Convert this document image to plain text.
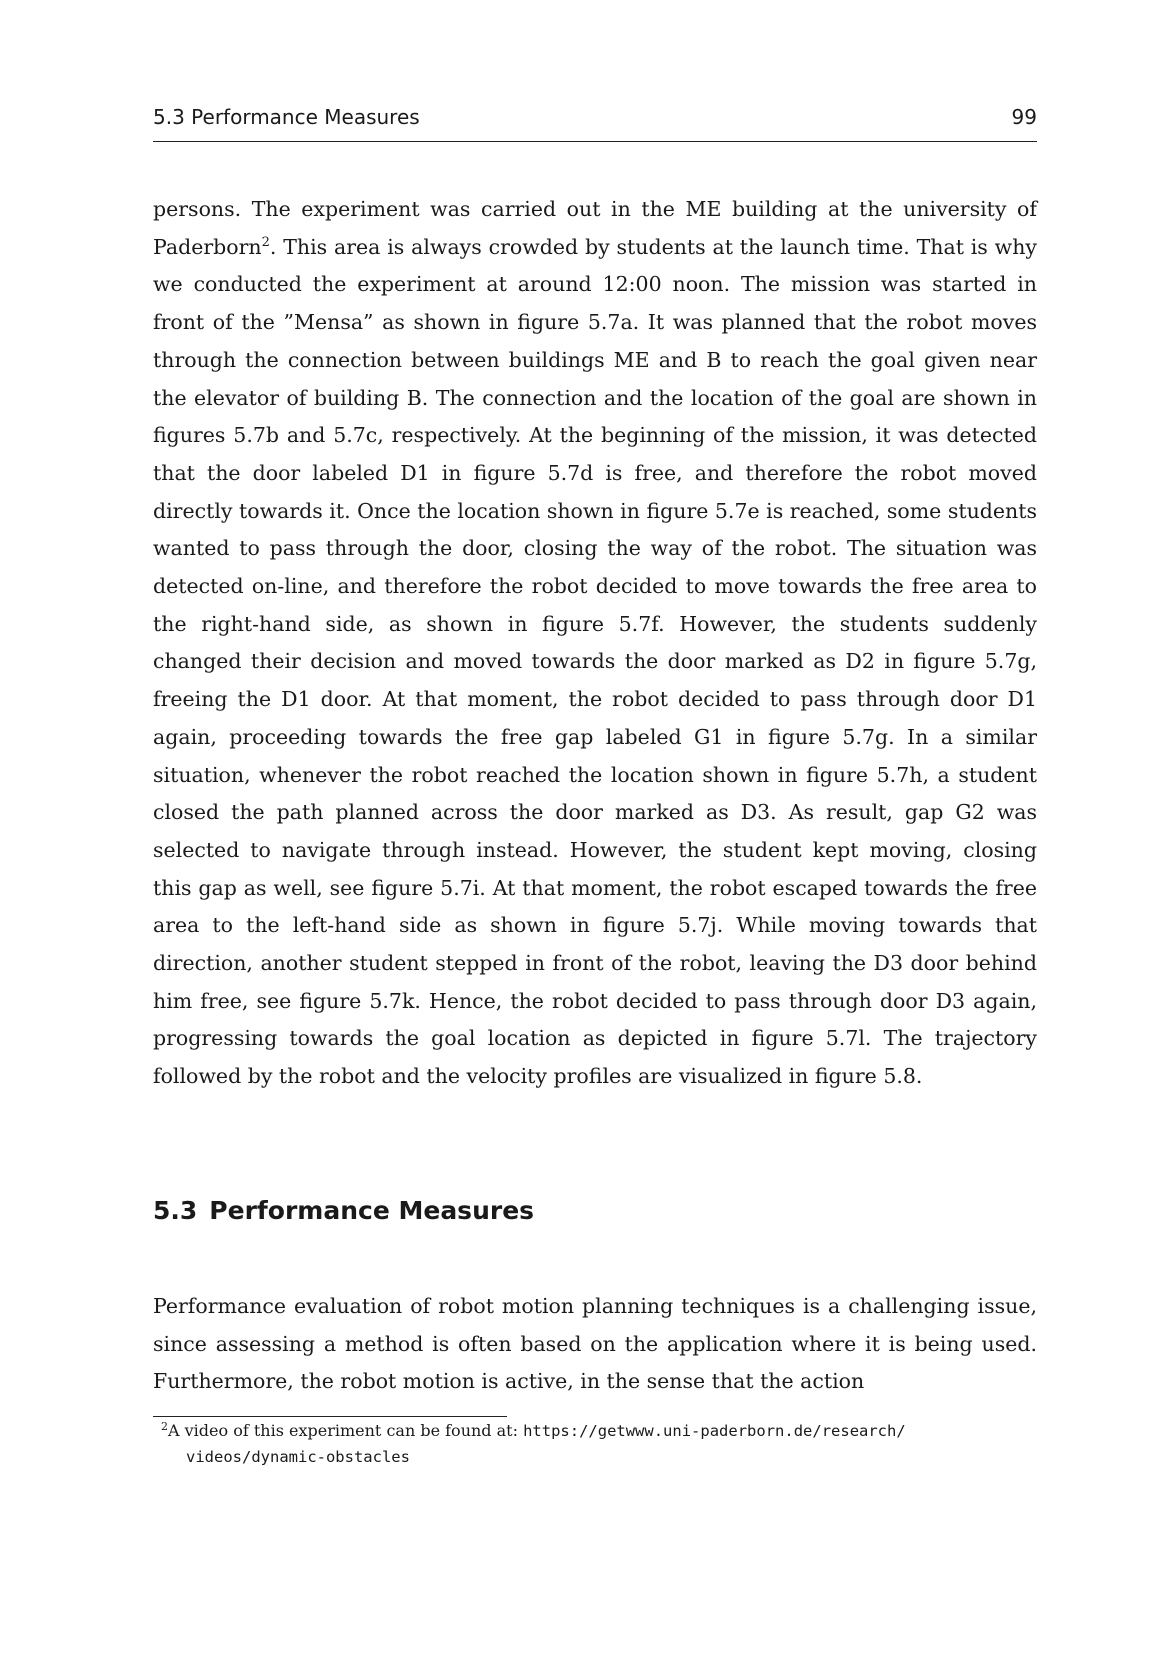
5.3 Performance Measures	99

persons. The experiment was carried out in the ME building at the university of Paderborn$^2$. This area is always crowded by students at the launch time. That is why we conducted the experiment at around 12:00 noon. The mission was started in front of the ”Mensa” as shown in figure 5.7a. It was planned that the robot moves through the connection between buildings ME and B to reach the goal given near the elevator of building B. The connection and the location of the goal are shown in figures 5.7b and 5.7c, respectively. At the beginning of the mission, it was detected that the door labeled D1 in figure 5.7d is free, and therefore the robot moved directly towards it. Once the location shown in figure 5.7e is reached, some students wanted to pass through the door, closing the way of the robot. The situation was detected on-line, and therefore the robot decided to move towards the free area to the right-hand side, as shown in figure 5.7f. However, the students suddenly changed their decision and moved towards the door marked as D2 in figure 5.7g, freeing the D1 door. At that moment, the robot decided to pass through door D1 again, proceeding towards the free gap labeled G1 in figure 5.7g. In a similar situation, whenever the robot reached the location shown in figure 5.7h, a student closed the path planned across the door marked as D3. As result, gap G2 was selected to navigate through instead. However, the student kept moving, closing this gap as well, see figure 5.7i. At that moment, the robot escaped towards the free area to the left-hand side as shown in figure 5.7j. While moving towards that direction, another student stepped in front of the robot, leaving the D3 door behind him free, see figure 5.7k. Hence, the robot decided to pass through door D3 again, progressing towards the goal location as depicted in figure 5.7l. The trajectory followed by the robot and the velocity profiles are visualized in figure 5.8.

5.3 Performance Measures

Performance evaluation of robot motion planning techniques is a challenging issue, since assessing a method is often based on the application where it is being used. Furthermore, the robot motion is active, in the sense that the action

$^2$A video of this experiment can be found at: https://getwww.uni-paderborn.de/research/
videos/dynamic-obstacles
